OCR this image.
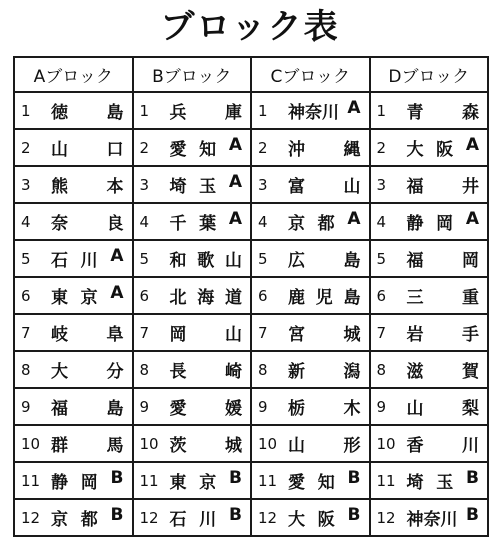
ブロック表
Aブロック	Bブロック	Cブロック	Dブロック

1 徳 島	1 兵 庫	1 神奈川 A	1 青 森

2 山 口	2 愛 知 A	2 沖 縄	2 大 阪 A

3 熊 本	3 埼 玉 A	3 富 山	3 福 井

4 奈 良	4 千 葉 A	4 京 都 A	4 静 岡 A

5 石 川 A	5 和 歌 山	5 広 島	5 福 岡

6 東 京 A	6 北 海 道	6 鹿 児 島	6 三 重

7 岐 阜	7 岡 山	7 宮 城	7 岩 手

8 大 分	8 長 崎	8 新 潟	8 滋 賀

9 福 島	9 愛 媛	9 栃 木	9 山 梨

10 群 馬	10 茨 城	10 山 形	10 香 川

11 静 岡 B	11 東 京 B	11 愛 知 B	11 埼 玉 B

12 京 都 B	12 石 川 B	12 大 阪 B	12 神奈川 B
